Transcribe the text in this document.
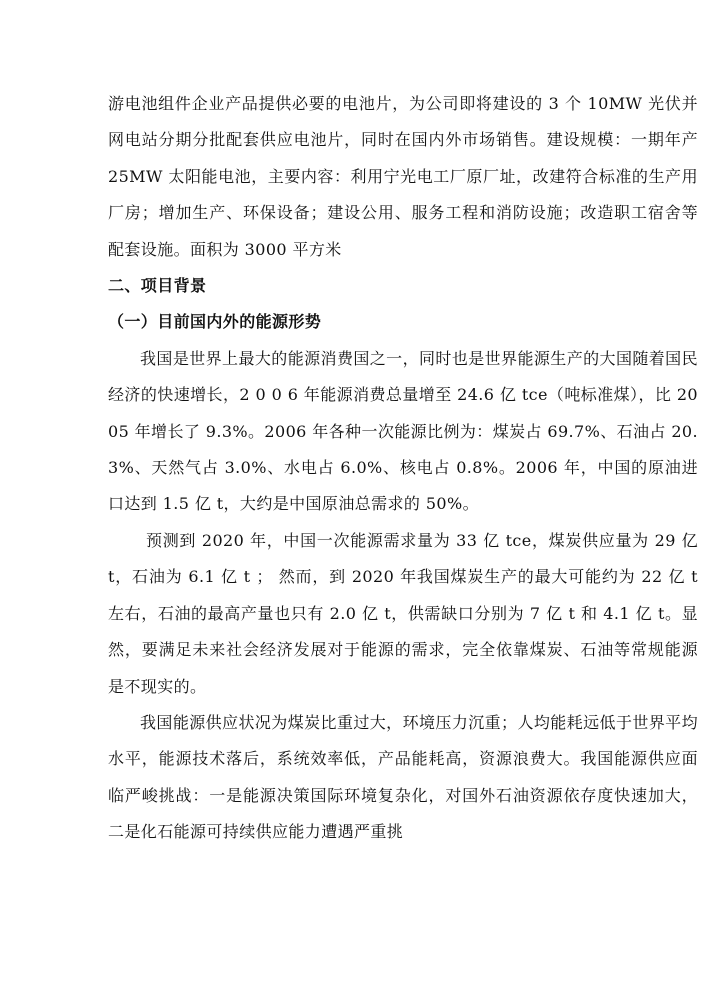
游电池组件企业产品提供必要的电池片，为公司即将建设的 3 个 10MW 光伏并网电站分期分批配套供应电池片，同时在国内外市场销售。建设规模：一期年产 25MW 太阳能电池，主要内容：利用宁光电工厂原厂址，改建符合标准的生产用厂房；增加生产、环保设备；建设公用、服务工程和消防设施；改造职工宿舍等配套设施。面积为 3000 平方米

二、项目背景
（一）目前国内外的能源形势

我国是世界上最大的能源消费国之一，同时也是世界能源生产的大国随着国民经济的快速增长，2 0 0 6 年能源消费总量增至 24.6 亿 tce（吨标准煤），比 2005 年增长了 9.3%。2006 年各种一次能源比例为：煤炭占 69.7%、石油占 20.3%、天然气占 3.0%、水电占 6.0%、核电占 0.8%。2006 年，中国的原油进口达到 1.5 亿 t，大约是中国原油总需求的 50%。

预测到 2020 年，中国一次能源需求量为 33 亿 tce，煤炭供应量为 29 亿 t，石油为 6.1 亿 t ； 然而，到 2020 年我国煤炭生产的最大可能约为 22 亿 t 左右，石油的最高产量也只有 2.0 亿 t，供需缺口分别为 7 亿 t 和 4.1 亿 t。显然，要满足未来社会经济发展对于能源的需求，完全依靠煤炭、石油等常规能源是不现实的。

我国能源供应状况为煤炭比重过大，环境压力沉重；人均能耗远低于世界平均水平，能源技术落后，系统效率低，产品能耗高，资源浪费大。我国能源供应面临严峻挑战：一是能源决策国际环境复杂化，对国外石油资源依存度快速加大，二是化石能源可持续供应能力遭遇严重挑
